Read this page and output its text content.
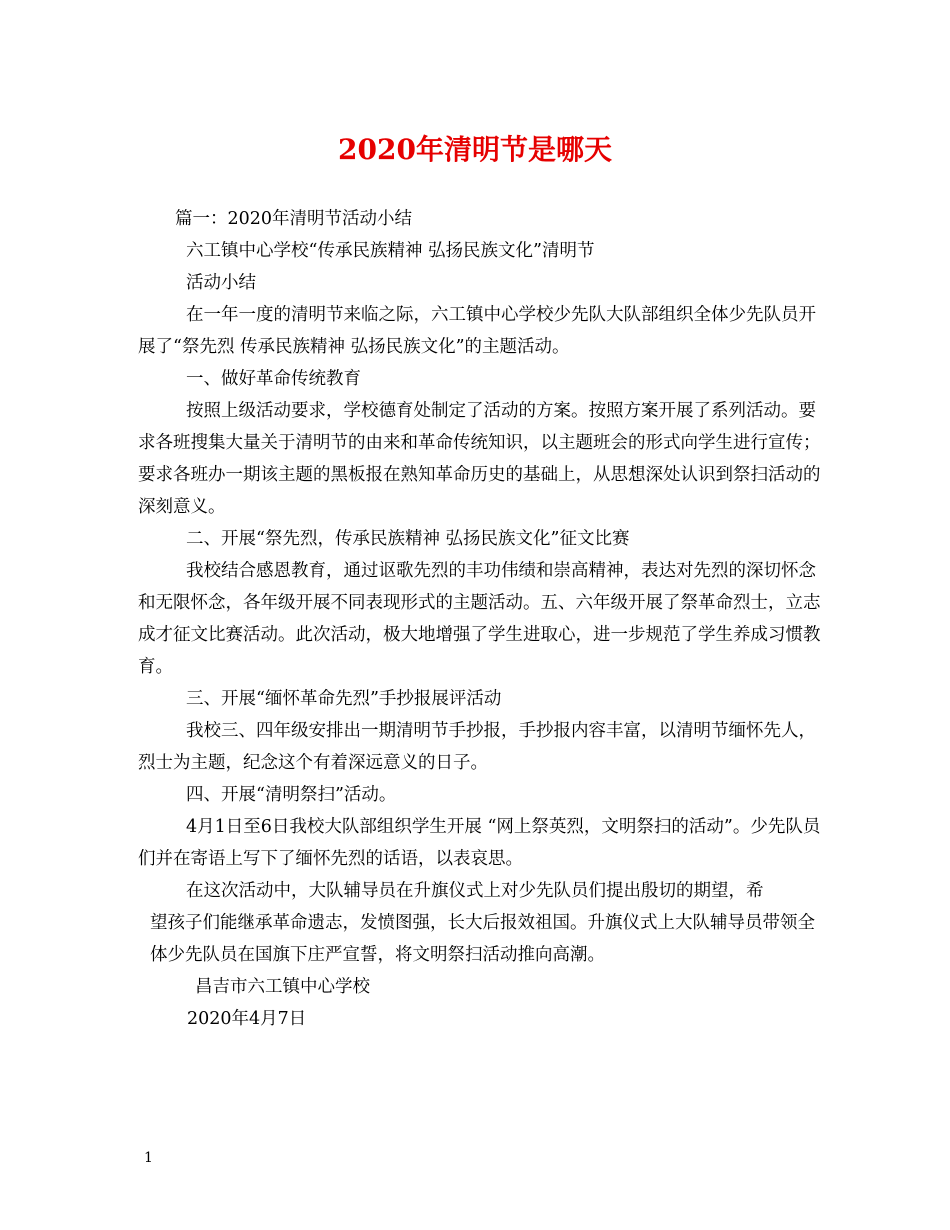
2020年清明节是哪天

篇一：2020年清明节活动小结

六工镇中心学校“传承民族精神 弘扬民族文化”清明节

活动小结

在一年一度的清明节来临之际，六工镇中心学校少先队大队部组织全体少先队员开展了“祭先烈 传承民族精神 弘扬民族文化”的主题活动。

一、做好革命传统教育

按照上级活动要求，学校德育处制定了活动的方案。按照方案开展了系列活动。要求各班搜集大量关于清明节的由来和革命传统知识，以主题班会的形式向学生进行宣传；要求各班办一期该主题的黑板报在熟知革命历史的基础上，从思想深处认识到祭扫活动的深刻意义。

二、开展“祭先烈，传承民族精神 弘扬民族文化”征文比赛

我校结合感恩教育，通过讴歌先烈的丰功伟绩和崇高精神，表达对先烈的深切怀念和无限怀念，各年级开展不同表现形式的主题活动。五、六年级开展了祭革命烈士，立志成才征文比赛活动。此次活动，极大地增强了学生进取心，进一步规范了学生养成习惯教育。

三、开展“缅怀革命先烈”手抄报展评活动

我校三、四年级安排出一期清明节手抄报，手抄报内容丰富，以清明节缅怀先人，烈士为主题，纪念这个有着深远意义的日子。

四、开展“清明祭扫”活动。

4月1日至6日我校大队部组织学生开展 “网上祭英烈，文明祭扫的活动”。少先队员们并在寄语上写下了缅怀先烈的话语，以表哀思。

在这次活动中，大队辅导员在升旗仪式上对少先队员们提出殷切的期望，希

望孩子们能继承革命遗志，发愤图强，长大后报效祖国。升旗仪式上大队辅导员带领全体少先队员在国旗下庄严宣誓，将文明祭扫活动推向高潮。

昌吉市六工镇中心学校

2020年4月7日

1
